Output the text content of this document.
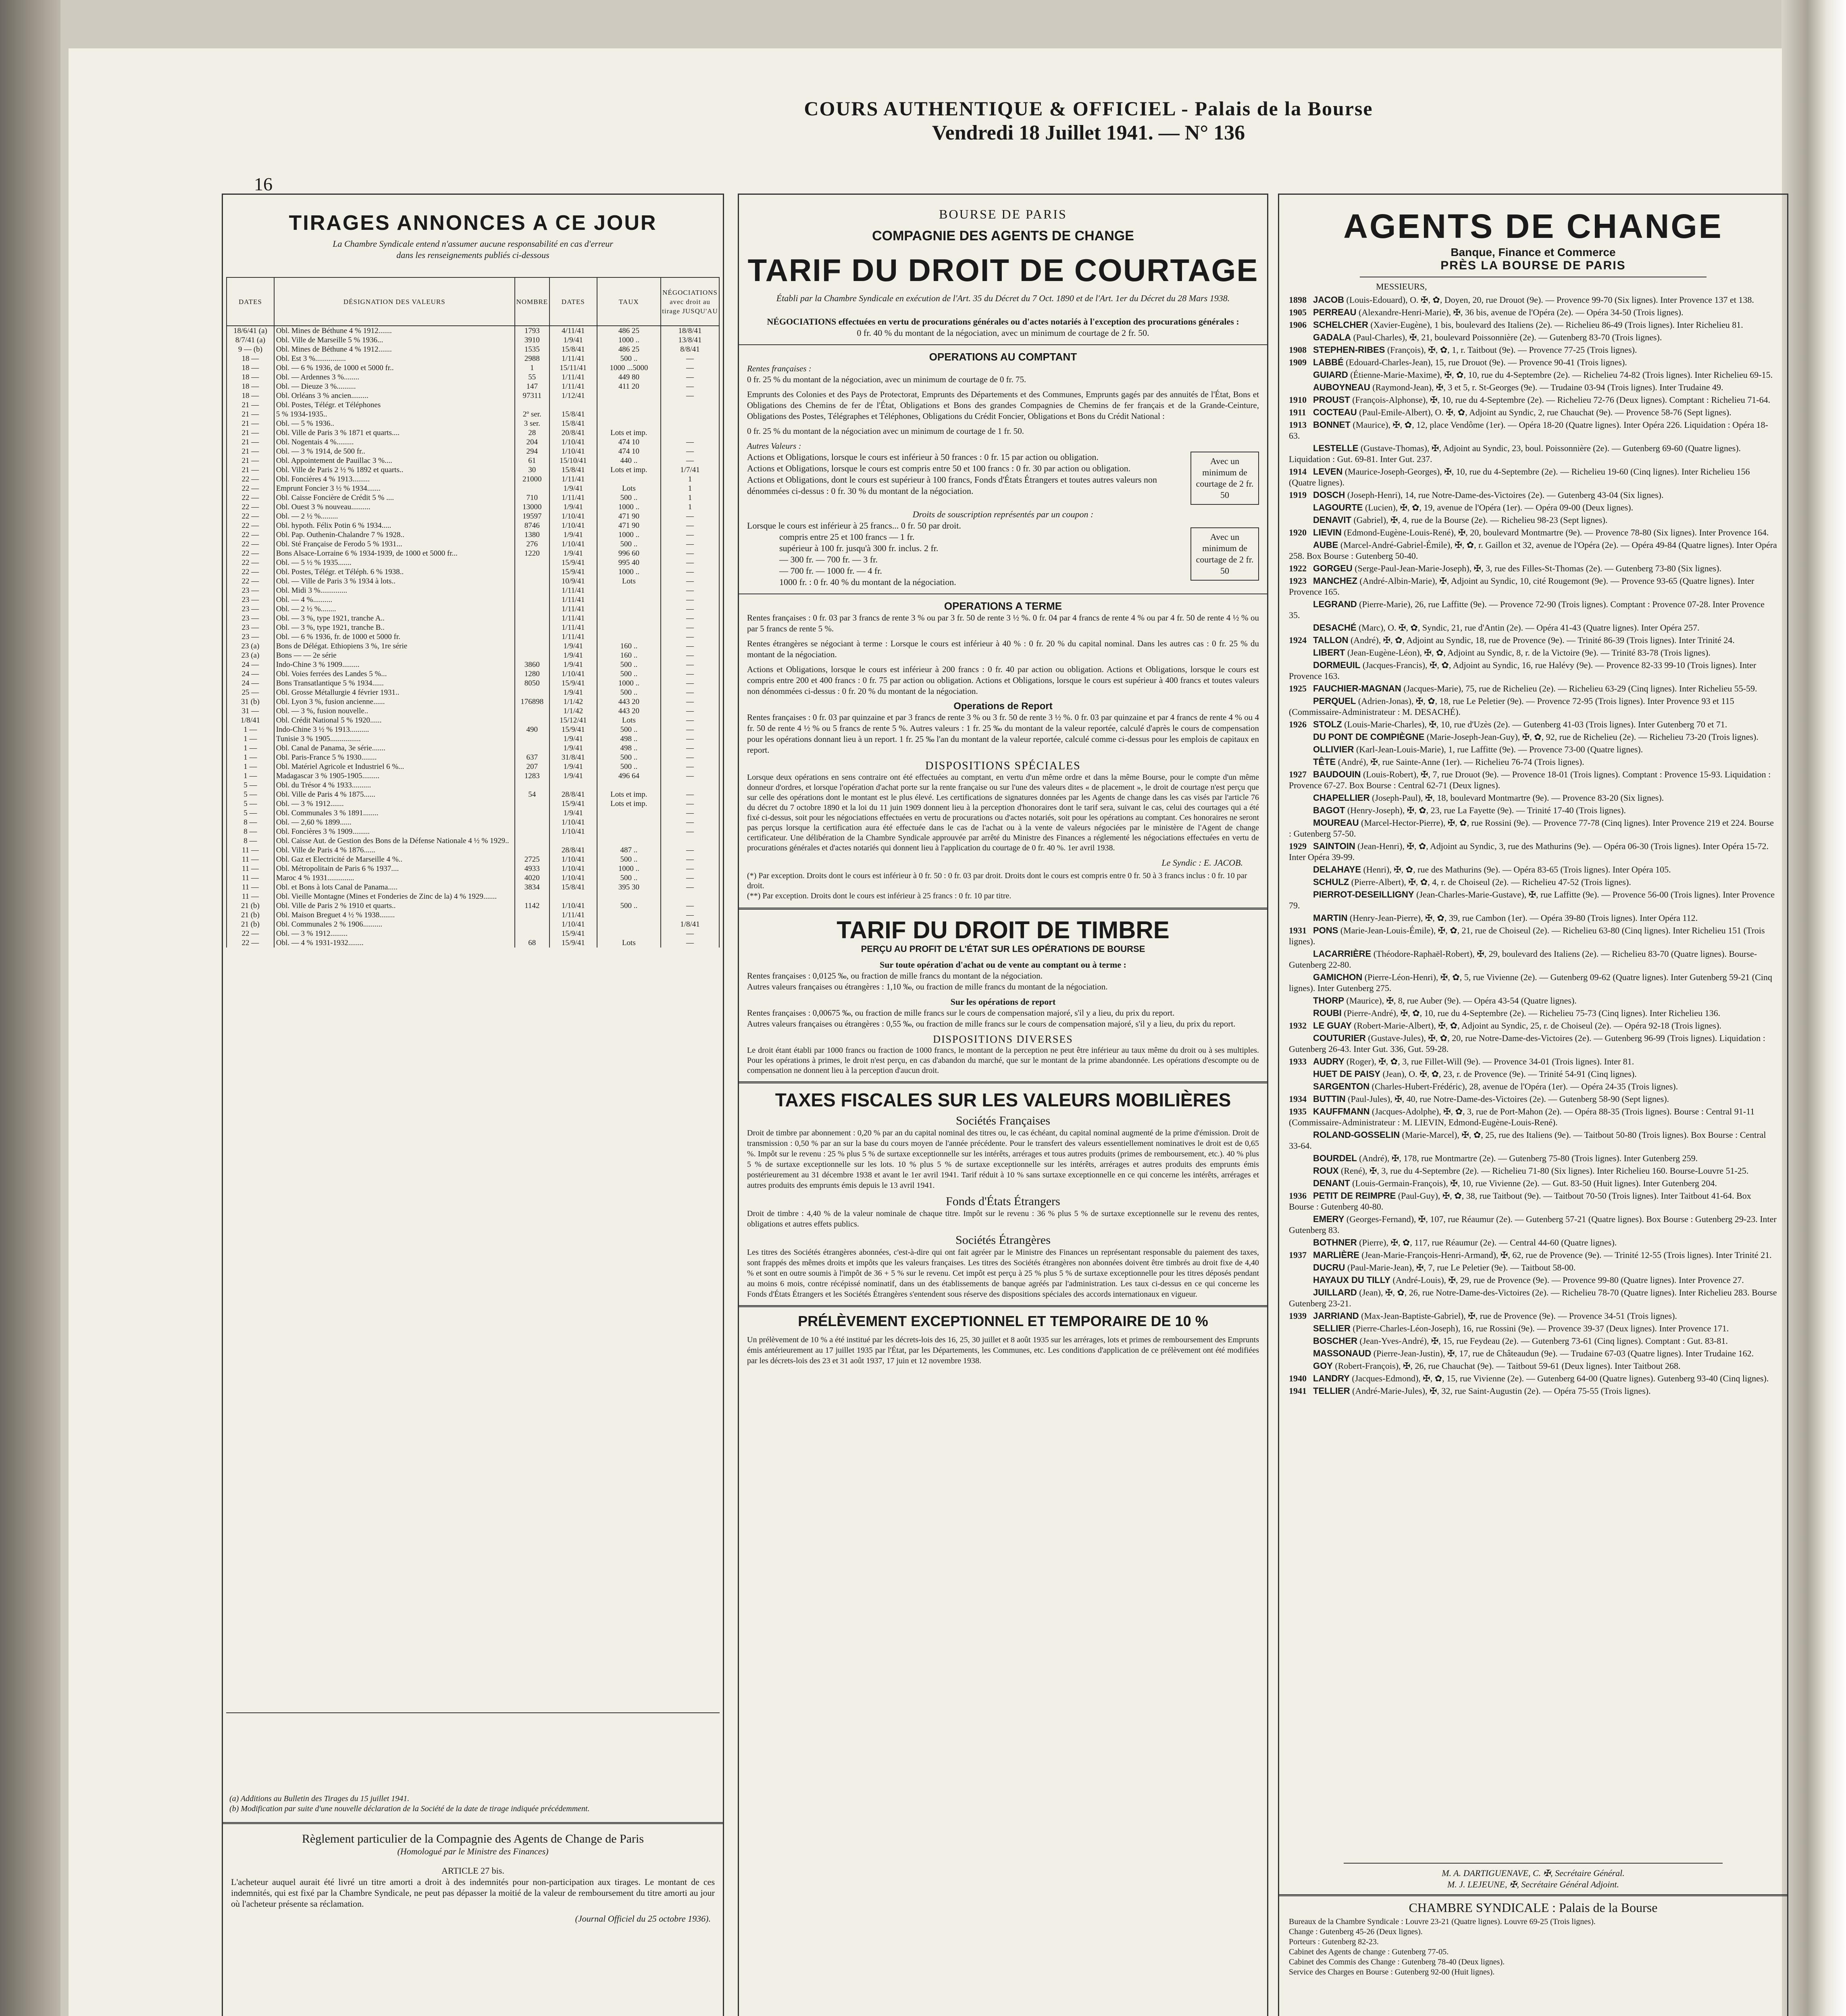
COURS AUTHENTIQUE & OFFICIEL - Palais de la Bourse
Vendredi 18 Juillet 1941. — N° 136
16
TIRAGES ANNONCES A CE JOUR
La Chambre Syndicale entend n'assumer aucune responsabilité en cas d'erreur
dans les renseignements publiés ci-dessous
DATES	DÉSIGNATION DES VALEURS	NOMBRE	DATES	TAUX	NÉGOCIATIONS avec droit au tirage JUSQU'AU
18/6/41 (a)	Obl. Mines de Béthune 4 % 1912.......	1793	4/11/41	486 25	18/8/41
8/7/41 (a)	Obl. Ville de Marseille 5 % 1936...	3910	1/9/41	1000 ..	13/8/41
9 — (b)	Obl. Mines de Béthune 4 % 1912.......	1535	15/8/41	486 25	8/8/41
18 —	Obl. Est 3 %................	2988	1/11/41	500 ..	—
18 —	Obl. — 6 % 1936, de 1000 et 5000 fr..	1	15/11/41	1000 ...5000	—
18 —	Obl. — Ardennes 3 %........	55	1/11/41	449 80	—
18 —	Obl. — Dieuze 3 %..........	147	1/11/41	411 20	—
18 —	Obl. Orléans 3 % ancien.........	97311	1/12/41		—
21 —	Obl. Postes, Télégr. et Téléphones				
21 —	5 % 1934-1935..	2º ser.	15/8/41		
21 —	Obl. — 5 % 1936..	3 ser.	15/8/41		
21 —	Obl. Ville de Paris 3 % 1871 et quarts....	28	20/8/41	Lots et imp.	
21 —	Obl. Nogentais 4 %.........	204	1/10/41	474 10	—
21 —	Obl. — 3 % 1914, de 500 fr..	294	1/10/41	474 10	—
21 —	Obl. Appointement de Pauillac 3 %....	61	15/10/41	440 ..	—
21 —	Obl. Ville de Paris 2 ½ % 1892 et quarts..	30	15/8/41	Lots et imp.	1/7/41
22 —	Obl. Foncières 4 % 1913.........	21000	1/11/41		1
22 —	Emprunt Foncier 3 ½ % 1934.......		1/9/41	Lots	1
22 —	Obl. Caisse Foncière de Crédit 5 % ....	710	1/11/41	500 ..	1
22 —	Obl. Ouest 3 % nouveau..........	13000	1/9/41	1000 ..	1
22 —	Obl. — 2 ½ %.........	19597	1/10/41	471 90	—
22 —	Obl. hypoth. Félix Potin 6 % 1934.....	8746	1/10/41	471 90	—
22 —	Obl. Pap. Outhenin-Chalandre 7 % 1928..	1380	1/9/41	1000 ..	—
22 —	Obl. Sté Française de Ferodo 5 % 1931...	276	1/10/41	500 ..	—
22 —	Bons Alsace-Lorraine 6 % 1934-1939, de 1000 et 5000 fr...	1220	1/9/41	996 60	—
22 —	Obl. — 5 ½ % 1935.......		15/9/41	995 40	—
22 —	Obl. Postes, Télégr. et Téléph. 6 % 1938..		15/9/41	1000 ..	—
22 —	Obl. — Ville de Paris 3 % 1934 à lots..		10/9/41	Lots	—
23 —	Obl. Midi 3 %..............		1/11/41		—
23 —	Obl. — 4 %..........		1/11/41		—
23 —	Obl. — 2 ½ %........		1/11/41		—
23 —	Obl. — 3 %, type 1921, tranche A..		1/11/41		—
23 —	Obl. — 3 %, type 1921, tranche B..		1/11/41		—
23 —	Obl. — 6 % 1936, fr. de 1000 et 5000 fr.		1/11/41		—
23 (a)	Bons de Délégat. Ethiopiens 3 %, 1re série		1/9/41	160 ..	—
23 (a)	Bons — — 2e série		1/9/41	160 ..	—
24 —	Indo-Chine 3 % 1909.........	3860	1/9/41	500 ..	—
24 —	Obl. Voies ferrées des Landes 5 %...	1280	1/10/41	500 ..	—
24 —	Bons Transatlantique 5 % 1934......	8050	15/9/41	1000 ..	—
25 —	Obl. Grosse Métallurgie 4 février 1931..		1/9/41	500 ..	—
31 (b)	Obl. Lyon 3 %, fusion ancienne......	176898	1/1/42	443 20	—
31 —	Obl. — 3 %, fusion nouvelle..		1/1/42	443 20	—
1/8/41	Obl. Crédit National 5 % 1920......		15/12/41	Lots	—
1 —	Indo-Chine 3 ½ % 1913..........	490	15/9/41	500 ..	—
1 —	Tunisie 3 % 1905................		1/9/41	498 ..	—
1 —	Obl. Canal de Panama, 3e série.......		1/9/41	498 ..	—
1 —	Obl. Paris-France 5 % 1930........	637	31/8/41	500 ..	—
1 —	Obl. Matériel Agricole et Industriel 6 %...	207	1/9/41	500 ..	—
1 —	Madagascar 3 % 1905-1905.........	1283	1/9/41	496 64	—
5 —	Obl. du Trésor 4 % 1933..........				
5 —	Obl. Ville de Paris 4 % 1875......	54	28/8/41	Lots et imp.	—
5 —	Obl. — 3 % 1912.......		15/9/41	Lots et imp.	—
5 —	Obl. Communales 3 % 1891........		1/9/41		—
8 —	Obl. — 2,60 % 1899......		1/10/41		—
8 —	Obl. Foncières 3 % 1909.........		1/10/41		—
8 —	Obl. Caisse Aut. de Gestion des Bons de la Défense Nationale 4 ½ % 1929..				
11 —	Obl. Ville de Paris 4 % 1876......		28/8/41	487 ..	—
11 —	Obl. Gaz et Electricité de Marseille 4 %..	2725	1/10/41	500 ..	—
11 —	Obl. Métropolitain de Paris 6 % 1937....	4933	1/10/41	1000 ..	—
11 —	Maroc 4 % 1931..............	4020	1/10/41	500 ..	—
11 —	Obl. et Bons à lots Canal de Panama.....	3834	15/8/41	395 30	—
11 —	Obl. Vieille Montagne (Mines et Fonderies de Zinc de la) 4 % 1929.......				
21 (b)	Obl. Ville de Paris 2 % 1910 et quarts..	1142	1/10/41	500 ..	—
21 (b)	Obl. Maison Breguet 4 ½ % 1938........		1/11/41		—
21 (b)	Obl. Communales 2 % 1906..........		1/10/41		1/8/41
22 —	Obl. — 3 % 1912.........		15/9/41		—
22 —	Obl. — 4 % 1931-1932........	68	15/9/41	Lots	—
(a) Additions au Bulletin des Tirages du 15 juillet 1941.
(b) Modification par suite d'une nouvelle déclaration de la Société de la date de tirage indiquée précédemment.
Règlement particulier de la Compagnie des Agents de Change de Paris
(Homologué par le Ministre des Finances)
ARTICLE 27 bis.
L'acheteur auquel aurait été livré un titre amorti a droit à des indemnités pour non-participation aux tirages. Le montant de ces indemnités, qui est fixé par la Chambre Syndicale, ne peut pas dépasser la moitié de la valeur de remboursement du titre amorti au jour où l'acheteur présente sa réclamation.
(Journal Officiel du 25 octobre 1936).
BOURSE DE PARIS
COMPAGNIE DES AGENTS DE CHANGE
TARIF DU DROIT DE COURTAGE
Établi par la Chambre Syndicale en exécution de l'Art. 35 du Décret du 7 Oct. 1890 et de l'Art. 1er du Décret du 28 Mars 1938.
NÉGOCIATIONS effectuées en vertu de procurations générales ou d'actes notariés à l'exception des procurations générales :
0 fr. 40 % du montant de la négociation, avec un minimum de courtage de 2 fr. 50.
OPERATIONS AU COMPTANT
Rentes françaises :
0 fr. 25 % du montant de la négociation, avec un minimum de courtage de 0 fr. 75.
Emprunts des Colonies et des Pays de Protectorat, Emprunts des Départements et des Communes, Emprunts gagés par des annuités de l'État, Bons et Obligations des Chemins de fer de l'État, Obligations et Bons des grandes Compagnies de Chemins de fer français et de la Grande-Ceinture, Obligations des Postes, Télégraphes et Téléphones, Obligations du Crédit Foncier, Obligations et Bons du Crédit National :
0 fr. 25 % du montant de la négociation avec un minimum de courtage de 1 fr. 50.
Autres Valeurs :
Actions et Obligations, lorsque le cours est inférieur à 50 frances : 0 fr. 15 par action ou obligation.
Actions et Obligations, lorsque le cours est compris entre 50 et 100 francs : 0 fr. 30 par action ou obligation.
Actions et Obligations, dont le cours est supérieur à 100 francs, Fonds d'États Étrangers et toutes autres valeurs non dénommées ci-dessus : 0 fr. 30 % du montant de la négociation.
Avec un minimum de courtage de 2 fr. 50
Droits de souscription représentés par un coupon :
Lorsque le cours est inférieur à 25 francs... 0 fr. 50 par droit.
compris entre 25 et 100 francs — 1 fr.
supérieur à 100 fr. jusqu'à 300 fr. inclus. 2 fr.
— 300 fr. — 700 fr. — 3 fr.
— 700 fr. — 1000 fr. — 4 fr.
1000 fr. : 0 fr. 40 % du montant de la négociation.
Avec un minimum de courtage de 2 fr. 50
OPERATIONS A TERME
Rentes françaises : 0 fr. 03 par 3 francs de rente 3 % ou par 3 fr. 50 de rente 3 ½ %. 0 fr. 04 par 4 francs de rente 4 % ou par 4 fr. 50 de rente 4 ½ % ou par 5 francs de rente 5 %.
Rentes étrangères se négociant à terme : Lorsque le cours est inférieur à 40 % : 0 fr. 20 % du capital nominal. Dans les autres cas : 0 fr. 25 % du montant de la négociation.
Actions et Obligations, lorsque le cours est inférieur à 200 francs : 0 fr. 40 par action ou obligation. Actions et Obligations, lorsque le cours est compris entre 200 et 400 francs : 0 fr. 75 par action ou obligation. Actions et Obligations, lorsque le cours est supérieur à 400 francs et toutes valeurs non dénommées ci-dessus : 0 fr. 20 % du montant de la négociation.
Operations de Report
Rentes françaises : 0 fr. 03 par quinzaine et par 3 francs de rente 3 % ou 3 fr. 50 de rente 3 ½ %. 0 fr. 03 par quinzaine et par 4 francs de rente 4 % ou 4 fr. 50 de rente 4 ½ % ou 5 francs de rente 5 %. Autres valeurs : 1 fr. 25 ‰ du montant de la valeur reportée, calculé d'après le cours de compensation pour les opérations donnant lieu à un report. 1 fr. 25 ‰ l'an du montant de la valeur reportée, calculé comme ci-dessus pour les emplois de capitaux en report.
DISPOSITIONS SPÉCIALES
Lorsque deux opérations en sens contraire ont été effectuées au comptant, en vertu d'un même ordre et dans la même Bourse, pour le compte d'un même donneur d'ordres, et lorsque l'opération d'achat porte sur la rente française ou sur l'une des valeurs dites « de placement », le droit de courtage n'est perçu que sur celle des opérations dont le montant est le plus élevé. Les certifications de signatures données par les Agents de change dans les cas visés par l'article 76 du décret du 7 octobre 1890 et la loi du 11 juin 1909 donnent lieu à la perception d'honoraires dont le tarif sera, suivant le cas, celui des courtages qui a été fixé ci-dessus, soit pour les négociations effectuées en vertu de procurations ou d'actes notariés, soit pour les opérations au comptant. Ces honoraires ne seront pas perçus lorsque la certification aura été effectuée dans le cas de l'achat ou à la vente de valeurs négociées par le ministère de l'Agent de change certificateur. Une délibération de la Chambre Syndicale approuvée par arrêté du Ministre des Finances a réglementé les négociations effectuées en vertu de procurations générales et d'actes notariés qui donnent lieu à l'application du courtage de 0 fr. 40 %. 1er avril 1938.
Le Syndic : E. JACOB.
(*) Par exception. Droits dont le cours est inférieur à 0 fr. 50 : 0 fr. 03 par droit. Droits dont le cours est compris entre 0 fr. 50 à 3 francs inclus : 0 fr. 10 par droit.
(**) Par exception. Droits dont le cours est inférieur à 25 francs : 0 fr. 10 par titre.
TARIF DU DROIT DE TIMBRE
PERÇU AU PROFIT DE L'ÉTAT SUR LES OPÉRATIONS DE BOURSE
Sur toute opération d'achat ou de vente au comptant ou à terme :
Rentes françaises : 0,0125 ‰, ou fraction de mille francs du montant de la négociation.
Autres valeurs françaises ou étrangères : 1,10 ‰, ou fraction de mille francs du montant de la négociation.
Sur les opérations de report
Rentes françaises : 0,00675 ‰, ou fraction de mille francs sur le cours de compensation majoré, s'il y a lieu, du prix du report.
Autres valeurs françaises ou étrangères : 0,55 ‰, ou fraction de mille francs sur le cours de compensation majoré, s'il y a lieu, du prix du report.
DISPOSITIONS DIVERSES
Le droit étant établi par 1000 francs ou fraction de 1000 francs, le montant de la perception ne peut être inférieur au taux même du droit ou à ses multiples. Pour les opérations à primes, le droit n'est perçu, en cas d'abandon du marché, que sur le montant de la prime abandonnée. Les opérations d'escompte ou de compensation ne donnent lieu à la perception d'aucun droit.
TAXES FISCALES SUR LES VALEURS MOBILIÈRES
Sociétés Françaises
Droit de timbre par abonnement : 0,20 % par an du capital nominal des titres ou, le cas échéant, du capital nominal augmenté de la prime d'émission. Droit de transmission : 0,50 % par an sur la base du cours moyen de l'année précédente. Pour le transfert des valeurs essentiellement nominatives le droit est de 0,65 %. Impôt sur le revenu : 25 % plus 5 % de surtaxe exceptionnelle sur les intérêts, arrérages et tous autres produits (primes de remboursement, etc.). 40 % plus 5 % de surtaxe exceptionnelle sur les lots. 10 % plus 5 % de surtaxe exceptionnelle sur les intérêts, arrérages et autres produits des emprunts émis postérieurement au 31 décembre 1938 et avant le 1er avril 1941. Tarif réduit à 10 % sans surtaxe exceptionnelle en ce qui concerne les intérêts, arrérages et autres produits des emprunts émis depuis le 13 avril 1941.
Fonds d'États Étrangers
Droit de timbre : 4,40 % de la valeur nominale de chaque titre. Impôt sur le revenu : 36 % plus 5 % de surtaxe exceptionnelle sur le revenu des rentes, obligations et autres effets publics.
Sociétés Étrangères
Les titres des Sociétés étrangères abonnées, c'est-à-dire qui ont fait agréer par le Ministre des Finances un représentant responsable du paiement des taxes, sont frappés des mêmes droits et impôts que les valeurs françaises. Les titres des Sociétés étrangères non abonnées doivent être timbrés au droit fixe de 4,40 % et sont en outre soumis à l'impôt de 36 + 5 % sur le revenu. Cet impôt est perçu à 25 % plus 5 % de surtaxe exceptionnelle pour les titres déposés pendant au moins 6 mois, contre récépissé nominatif, dans un des établissements de banque agréés par l'administration. Les taux ci-dessus en ce qui concerne les Fonds d'États Étrangers et les Sociétés Étrangères s'entendent sous réserve des dispositions spéciales des accords internationaux en vigueur.
PRÉLÈVEMENT EXCEPTIONNEL ET TEMPORAIRE DE 10 %
Un prélèvement de 10 % a été institué par les décrets-lois des 16, 25, 30 juillet et 8 août 1935 sur les arrérages, lots et primes de remboursement des Emprunts émis antérieurement au 17 juillet 1935 par l'État, par les Départements, les Communes, etc. Les conditions d'application de ce prélèvement ont été modifiées par les décrets-lois des 23 et 31 août 1937, 17 juin et 12 novembre 1938.
AGENTS DE CHANGE
Banque, Finance et Commerce
PRÈS LA BOURSE DE PARIS
MESSIEURS,
1898 JACOB (Louis-Edouard), O. ✠, ✿, Doyen, 20, rue Drouot (9e). — Provence 99-70 (Six lignes). Inter Provence 137 et 138.
1905 PERREAU (Alexandre-Henri-Marie), ✠, 36 bis, avenue de l'Opéra (2e). — Opéra 34-50 (Trois lignes).
1906 SCHELCHER (Xavier-Eugène), 1 bis, boulevard des Italiens (2e). — Richelieu 86-49 (Trois lignes). Inter Richelieu 81.
GADALA (Paul-Charles), ✠, 21, boulevard Poissonnière (2e). — Gutenberg 83-70 (Trois lignes).
1908 STEPHEN-RIBES (François), ✠, ✿, 1, r. Taitbout (9e). — Provence 77-25 (Trois lignes).
1909 LABBÉ (Edouard-Charles-Jean), 15, rue Drouot (9e). — Provence 90-41 (Trois lignes).
GUIARD (Étienne-Marie-Maxime), ✠, ✿, 10, rue du 4-Septembre (2e). — Richelieu 74-82 (Trois lignes). Inter Richelieu 69-15.
AUBOYNEAU (Raymond-Jean), ✠, 3 et 5, r. St-Georges (9e). — Trudaine 03-94 (Trois lignes). Inter Trudaine 49.
1910 PROUST (François-Alphonse), ✠, 10, rue du 4-Septembre (2e). — Richelieu 72-76 (Deux lignes). Comptant : Richelieu 71-64.
1911 COCTEAU (Paul-Emile-Albert), O. ✠, ✿, Adjoint au Syndic, 2, rue Chauchat (9e). — Provence 58-76 (Sept lignes).
1913 BONNET (Maurice), ✠, ✿, 12, place Vendôme (1er). — Opéra 18-20 (Quatre lignes). Inter Opéra 226. Liquidation : Opéra 18-63.
LESTELLE (Gustave-Thomas), ✠, Adjoint au Syndic, 23, boul. Poissonnière (2e). — Gutenberg 69-60 (Quatre lignes). Liquidation : Gut. 69-81. Inter Gut. 237.
1914 LEVEN (Maurice-Joseph-Georges), ✠, 10, rue du 4-Septembre (2e). — Richelieu 19-60 (Cinq lignes). Inter Richelieu 156 (Quatre lignes).
1919 DOSCH (Joseph-Henri), 14, rue Notre-Dame-des-Victoires (2e). — Gutenberg 43-04 (Six lignes).
LAGOURTE (Lucien), ✠, ✿, 19, avenue de l'Opéra (1er). — Opéra 09-00 (Deux lignes).
DENAVIT (Gabriel), ✠, 4, rue de la Bourse (2e). — Richelieu 98-23 (Sept lignes).
1920 LIEVIN (Edmond-Eugène-Louis-René), ✠, 20, boulevard Montmartre (9e). — Provence 78-80 (Six lignes). Inter Provence 164.
AUBE (Marcel-André-Gabriel-Émile), ✠, ✿, r. Gaillon et 32, avenue de l'Opéra (2e). — Opéra 49-84 (Quatre lignes). Inter Opéra 258. Box Bourse : Gutenberg 50-40.
1922 GORGEU (Serge-Paul-Jean-Marie-Joseph), ✠, 3, rue des Filles-St-Thomas (2e). — Gutenberg 73-80 (Six lignes).
1923 MANCHEZ (André-Albin-Marie), ✠, Adjoint au Syndic, 10, cité Rougemont (9e). — Provence 93-65 (Quatre lignes). Inter Provence 165.
LEGRAND (Pierre-Marie), 26, rue Laffitte (9e). — Provence 72-90 (Trois lignes). Comptant : Provence 07-28. Inter Provence 35.
DESACHÉ (Marc), O. ✠, ✿, Syndic, 21, rue d'Antin (2e). — Opéra 41-43 (Quatre lignes). Inter Opéra 257.
1924 TALLON (André), ✠, ✿, Adjoint au Syndic, 18, rue de Provence (9e). — Trinité 86-39 (Trois lignes). Inter Trinité 24.
LIBERT (Jean-Eugène-Léon), ✠, ✿, Adjoint au Syndic, 8, r. de la Victoire (9e). — Trinité 83-78 (Trois lignes).
DORMEUIL (Jacques-Francis), ✠, ✿, Adjoint au Syndic, 16, rue Halévy (9e). — Provence 82-33 99-10 (Trois lignes). Inter Provence 163.
1925 FAUCHIER-MAGNAN (Jacques-Marie), 75, rue de Richelieu (2e). — Richelieu 63-29 (Cinq lignes). Inter Richelieu 55-59.
PERQUEL (Adrien-Jonas), ✠, ✿, 18, rue Le Peletier (9e). — Provence 72-95 (Trois lignes). Inter Provence 93 et 115 (Commissaire-Administrateur : M. DESACHÉ).
1926 STOLZ (Louis-Marie-Charles), ✠, 10, rue d'Uzès (2e). — Gutenberg 41-03 (Trois lignes). Inter Gutenberg 70 et 71.
DU PONT DE COMPIÈGNE (Marie-Joseph-Jean-Guy), ✠, ✿, 92, rue de Richelieu (2e). — Richelieu 73-20 (Trois lignes).
OLLIVIER (Karl-Jean-Louis-Marie), 1, rue Laffitte (9e). — Provence 73-00 (Quatre lignes).
TÊTE (André), ✠, rue Sainte-Anne (1er). — Richelieu 76-74 (Trois lignes).
1927 BAUDOUIN (Louis-Robert), ✠, 7, rue Drouot (9e). — Provence 18-01 (Trois lignes). Comptant : Provence 15-93. Liquidation : Provence 67-27. Box Bourse : Central 62-71 (Deux lignes).
CHAPELLIER (Joseph-Paul), ✠, 18, boulevard Montmartre (9e). — Provence 83-20 (Six lignes).
BAGOT (Henry-Joseph), ✠, ✿, 23, rue La Fayette (9e). — Trinité 17-40 (Trois lignes).
MOUREAU (Marcel-Hector-Pierre), ✠, ✿, rue Rossini (9e). — Provence 77-78 (Cinq lignes). Inter Provence 219 et 224. Bourse : Gutenberg 57-50.
1929 SAINTOIN (Jean-Henri), ✠, ✿, Adjoint au Syndic, 3, rue des Mathurins (9e). — Opéra 06-30 (Trois lignes). Inter Opéra 15-72. Inter Opéra 39-99.
DELAHAYE (Henri), ✠, ✿, rue des Mathurins (9e). — Opéra 83-65 (Trois lignes). Inter Opéra 105.
SCHULZ (Pierre-Albert), ✠, ✿, 4, r. de Choiseul (2e). — Richelieu 47-52 (Trois lignes).
PIERROT-DESEILLIGNY (Jean-Charles-Marie-Gustave), ✠, rue Laffitte (9e). — Provence 56-00 (Trois lignes). Inter Provence 79.
MARTIN (Henry-Jean-Pierre), ✠, ✿, 39, rue Cambon (1er). — Opéra 39-80 (Trois lignes). Inter Opéra 112.
1931 PONS (Marie-Jean-Louis-Émile), ✠, ✿, 21, rue de Choiseul (2e). — Richelieu 63-80 (Cinq lignes). Inter Richelieu 151 (Trois lignes).
LACARRIÈRE (Théodore-Raphaël-Robert), ✠, 29, boulevard des Italiens (2e). — Richelieu 83-70 (Quatre lignes). Bourse-Gutenberg 22-80.
GAMICHON (Pierre-Léon-Henri), ✠, ✿, 5, rue Vivienne (2e). — Gutenberg 09-62 (Quatre lignes). Inter Gutenberg 59-21 (Cinq lignes). Inter Gutenberg 275.
THORP (Maurice), ✠, 8, rue Auber (9e). — Opéra 43-54 (Quatre lignes).
ROUBI (Pierre-André), ✠, ✿, 10, rue du 4-Septembre (2e). — Richelieu 75-73 (Cinq lignes). Inter Richelieu 136.
1932 LE GUAY (Robert-Marie-Albert), ✠, ✿, Adjoint au Syndic, 25, r. de Choiseul (2e). — Opéra 92-18 (Trois lignes).
COUTURIER (Gustave-Jules), ✠, ✿, 20, rue Notre-Dame-des-Victoires (2e). — Gutenberg 96-99 (Trois lignes). Liquidation : Gutenberg 26-43. Inter Gut. 336, Gut. 59-28.
1933 AUDRY (Roger), ✠, ✿, 3, rue Fillet-Will (9e). — Provence 34-01 (Trois lignes). Inter 81.
HUET DE PAISY (Jean), O. ✠, ✿, 23, r. de Provence (9e). — Trinité 54-91 (Cinq lignes).
SARGENTON (Charles-Hubert-Frédéric), 28, avenue de l'Opéra (1er). — Opéra 24-35 (Trois lignes).
1934 BUTTIN (Paul-Jules), ✠, 40, rue Notre-Dame-des-Victoires (2e). — Gutenberg 58-90 (Sept lignes).
1935 KAUFFMANN (Jacques-Adolphe), ✠, ✿, 3, rue de Port-Mahon (2e). — Opéra 88-35 (Trois lignes). Bourse : Central 91-11 (Commissaire-Administrateur : M. LIEVIN, Edmond-Eugène-Louis-René).
ROLAND-GOSSELIN (Marie-Marcel), ✠, ✿, 25, rue des Italiens (9e). — Taitbout 50-80 (Trois lignes). Box Bourse : Central 33-64.
BOURDEL (André), ✠, 178, rue Montmartre (2e). — Gutenberg 75-80 (Trois lignes). Inter Gutenberg 259.
ROUX (René), ✠, 3, rue du 4-Septembre (2e). — Richelieu 71-80 (Six lignes). Inter Richelieu 160. Bourse-Louvre 51-25.
DENANT (Louis-Germain-François), ✠, 10, rue Vivienne (2e). — Gut. 83-50 (Huit lignes). Inter Gutenberg 204.
1936 PETIT DE REIMPRE (Paul-Guy), ✠, ✿, 38, rue Taitbout (9e). — Taitbout 70-50 (Trois lignes). Inter Taitbout 41-64. Box Bourse : Gutenberg 40-80.
EMERY (Georges-Fernand), ✠, 107, rue Réaumur (2e). — Gutenberg 57-21 (Quatre lignes). Box Bourse : Gutenberg 29-23. Inter Gutenberg 83.
BOTHNER (Pierre), ✠, ✿, 117, rue Réaumur (2e). — Central 44-60 (Quatre lignes).
1937 MARLIÈRE (Jean-Marie-François-Henri-Armand), ✠, 62, rue de Provence (9e). — Trinité 12-55 (Trois lignes). Inter Trinité 21.
DUCRU (Paul-Marie-Jean), ✠, 7, rue Le Peletier (9e). — Taitbout 58-00.
HAYAUX DU TILLY (André-Louis), ✠, 29, rue de Provence (9e). — Provence 99-80 (Quatre lignes). Inter Provence 27.
JUILLARD (Jean), ✠, ✿, 26, rue Notre-Dame-des-Victoires (2e). — Richelieu 78-70 (Quatre lignes). Inter Richelieu 283. Bourse Gutenberg 23-21.
1939 JARRIAND (Max-Jean-Baptiste-Gabriel), ✠, rue de Provence (9e). — Provence 34-51 (Trois lignes).
SELLIER (Pierre-Charles-Léon-Joseph), 16, rue Rossini (9e). — Provence 39-37 (Deux lignes). Inter Provence 171.
BOSCHER (Jean-Yves-André), ✠, 15, rue Feydeau (2e). — Gutenberg 73-61 (Cinq lignes). Comptant : Gut. 83-81.
MASSONAUD (Pierre-Jean-Justin), ✠, 17, rue de Châteaudun (9e). — Trudaine 67-03 (Quatre lignes). Inter Trudaine 162.
GOY (Robert-François), ✠, 26, rue Chauchat (9e). — Taitbout 59-61 (Deux lignes). Inter Taitbout 268.
1940 LANDRY (Jacques-Edmond), ✠, ✿, 15, rue Vivienne (2e). — Gutenberg 64-00 (Quatre lignes). Gutenberg 93-40 (Cinq lignes).
1941 TELLIER (André-Marie-Jules), ✠, 32, rue Saint-Augustin (2e). — Opéra 75-55 (Trois lignes).
M. A. DARTIGUENAVE, C. ✠, Secrétaire Général.
M. J. LEJEUNE, ✠, Secrétaire Général Adjoint.
CHAMBRE SYNDICALE : Palais de la Bourse
Bureaux de la Chambre Syndicale : Louvre 23-21 (Quatre lignes). Louvre 69-25 (Trois lignes).
Change : Gutenberg 45-26 (Deux lignes).
Porteurs : Gutenberg 82-23.
Cabinet des Agents de change : Gutenberg 77-05.
Cabinet des Commis des Change : Gutenberg 78-40 (Deux lignes).
Service des Charges en Bourse : Gutenberg 92-00 (Huit lignes).
